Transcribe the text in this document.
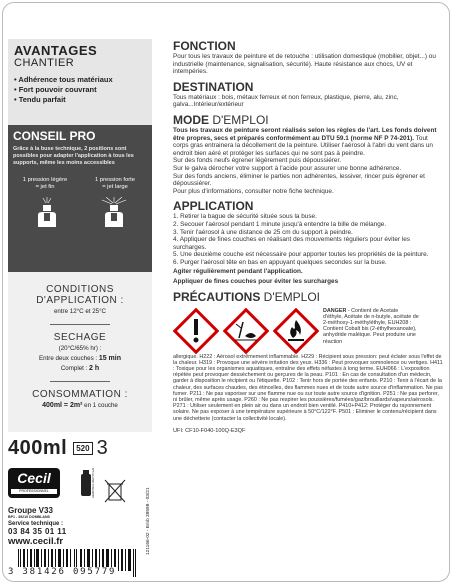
AVANTAGES
CHANTIER
• Adhérence tous matériaux
• Fort pouvoir couvrant
• Tendu parfait
CONSEIL PRO
Grâce à la buse technique, 2 positions sont possibles pour adapter l'application à tous les supports, même les moins accessibles
1 pression légère
= jet fin
1 pression forte
= jet large
CONDITIONS
D'APPLICATION :
entre 12°C et 25°C
SECHAGE
(20°C/65% hr) :
Entre deux couches : 15 min
Complet : 2 h
CONSOMMATION :
400ml = 2m² en 1 couche
400ml	520 3
Cecil
PROFESSIONNEL
Groupe V33
BP1 - 39210 DOMBLANS
Service technique :
03 84 35 01 11
www.cecil.fr
AEROSOL RECYCLABLE

121166-02 - Emb 39598 - 03/21
3 381426 095779
FONCTION
Pour tous les travaux de peinture et de retouche : utilisation domestique (mobilier, objet...) ou industrielle (maintenance, signalisation, sécurité). Haute résistance aux chocs, UV et intempéries.
DESTINATION
Tous matériaux : bois, métaux ferreux et non ferreux, plastique, pierre, alu, zinc, galva...Intérieur/extérieur
MODE D'EMPLOI
Tous les travaux de peinture seront réalisés selon les règles de l'art. Les fonds doivent être propres, secs et préparés conformément au DTU 59.1 (norme NF P 74-201). Tout corps gras entrainera la décollement de la peinture. Utiliser l'aérosol à l'abri du vent dans un endroit bien aéré et protéger les surfaces qui ne sont pas à peindre.
Sur des fonds neufs égrener légèrement puis dépoussiérer.
Sur le galva dérocher votre support à l'acide pour assurer une bonne adhérence.
Sur des fonds anciens, éliminer le parties non adhérentes, lessiver, rincer puis égrener et dépoussiérer.
Pour plus d'informations, consulter notre fiche technique.
APPLICATION
1. Retirer la bague de sécurité située sous la buse.
2. Secouer l'aérosol pendant 1 minute jusqu'à entendre la bille de mélange.
3. Tenir l'aérosol à une distance de 25 cm du support à peindre.
4. Appliquer de fines couches en réalisant des mouvements réguliers pour éviter les surcharges.
5. Une deuxième couche est nécessaire pour apporter toutes les propriétés de la peinture.
6. Purger l'aérosol tête en bas en appuyant quelques secondes sur la buse.
Agiter régulièrement pendant l'application.
Appliquer de fines couches pour éviter les surcharges
PRÉCAUTIONS D'EMPLOI
DANGER - Contient de Acetate d'éthyle, Acétate de n-butyle, acétate de 2-méthoxy-1-méthyléthyle, EUH208 : Contient Cobalt bis (2-éthylhexanoate), anhydride maléique. Peut produire une réaction
allergique. H222 : Aérosol extrêmement inflammable. H229 : Récipient sous pression: peut éclater sous l'effet de la chaleur. H319 : Provoque une sévère irritation des yeux. H336 : Peut provoquer somnolence ou vertiges. H411 : Toxique pour les organismes aquatiques, entraîne des effets néfastes à long terme. EUH066 : L'exposition répétée peut provoquer dessèchement ou gerçures de la peau. P101 : En cas de consultation d'un médecin, garder à disposition le récipient ou l'étiquette. P102 : Tenir hors de portée des enfants. P210 : Tenir à l'écart de la chaleur, des surfaces chaudes, des étincelles, des flammes nues et de toute autre source d'inflammation. Ne pas fumer. P211 : Ne pas vaporiser sur une flamme nue ou sur toute autre source d'ignition. P251 : Ne pas perforer, ni brûler, même après usage. P260 : Ne pas respirer les poussières/fumées/gaz/brouillards/vapeurs/aérosols. P271 : Utiliser seulement en plein air ou dans un endroit bien ventilé. P410+P412: Protéger du rayonnement solaire. Ne pas exposer à une température supérieure à 50°C/122°F. P501 : Eliminer le contenu/récipient dans une déchetterie (contacter la collectivité locale).
UFI: CF10-F040-100Q-E3QF
